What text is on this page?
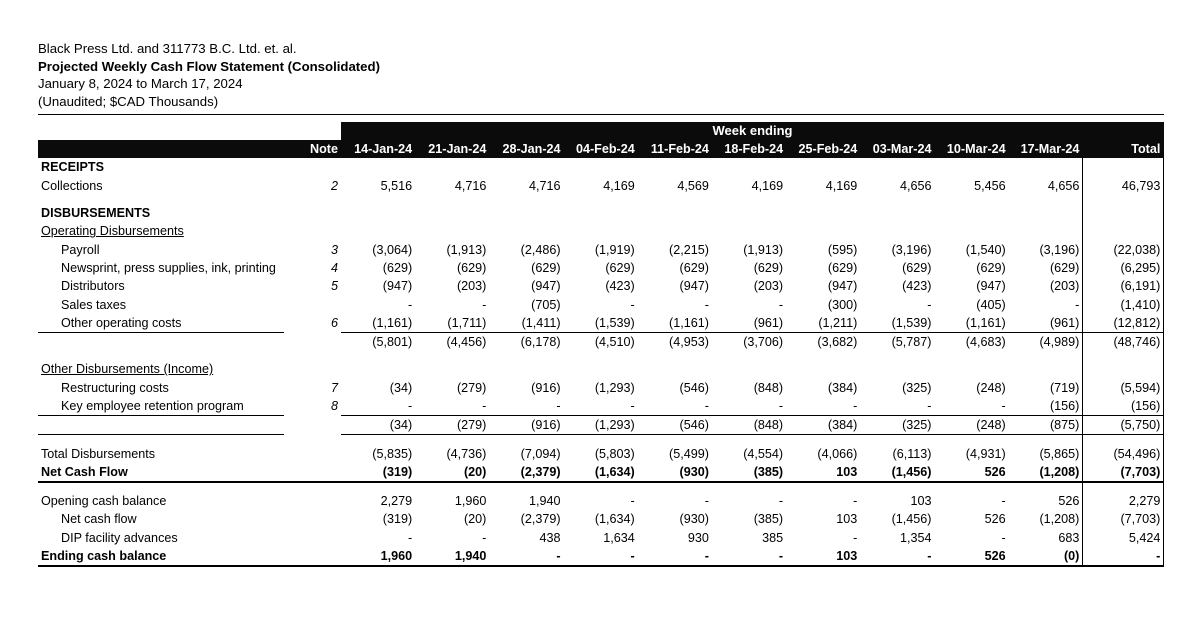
Black Press Ltd. and 311773 B.C. Ltd. et. al.
Projected Weekly Cash Flow Statement (Consolidated)
January 8, 2024 to March 17, 2024
(Unaudited; $CAD Thousands)
Week ending
	Note	14-Jan-24	21-Jan-24	28-Jan-24	04-Feb-24	11-Feb-24	18-Feb-24	25-Feb-24	03-Mar-24	10-Mar-24	17-Mar-24	Total
RECEIPTS												
Collections	2	5,516	4,716	4,716	4,169	4,569	4,169	4,169	4,656	5,456	4,656	46,793

DISBURSEMENTS												
Operating Disbursements												
Payroll	3	(3,064)	(1,913)	(2,486)	(1,919)	(2,215)	(1,913)	(595)	(3,196)	(1,540)	(3,196)	(22,038)
Newsprint, press supplies, ink, printing	4	(629)	(629)	(629)	(629)	(629)	(629)	(629)	(629)	(629)	(629)	(6,295)
Distributors	5	(947)	(203)	(947)	(423)	(947)	(203)	(947)	(423)	(947)	(203)	(6,191)
Sales taxes		-	-	(705)	-	-	-	(300)	-	(405)	-	(1,410)
Other operating costs	6	(1,161)	(1,711)	(1,411)	(1,539)	(1,161)	(961)	(1,211)	(1,539)	(1,161)	(961)	(12,812)
		(5,801)	(4,456)	(6,178)	(4,510)	(4,953)	(3,706)	(3,682)	(5,787)	(4,683)	(4,989)	(48,746)

Other Disbursements (Income)												
Restructuring costs	7	(34)	(279)	(916)	(1,293)	(546)	(848)	(384)	(325)	(248)	(719)	(5,594)
Key employee retention program	8	-	-	-	-	-	-	-	-	-	(156)	(156)
		(34)	(279)	(916)	(1,293)	(546)	(848)	(384)	(325)	(248)	(875)	(5,750)

Total Disbursements		(5,835)	(4,736)	(7,094)	(5,803)	(5,499)	(4,554)	(4,066)	(6,113)	(4,931)	(5,865)	(54,496)
Net Cash Flow		(319)	(20)	(2,379)	(1,634)	(930)	(385)	103	(1,456)	526	(1,208)	(7,703)

Opening cash balance		2,279	1,960	1,940	-	-	-	-	103	-	526	2,279
Net cash flow		(319)	(20)	(2,379)	(1,634)	(930)	(385)	103	(1,456)	526	(1,208)	(7,703)
DIP facility advances		-	-	438	1,634	930	385	-	1,354	-	683	5,424
Ending cash balance		1,960	1,940	-	-	-	-	103	-	526	(0)	-
